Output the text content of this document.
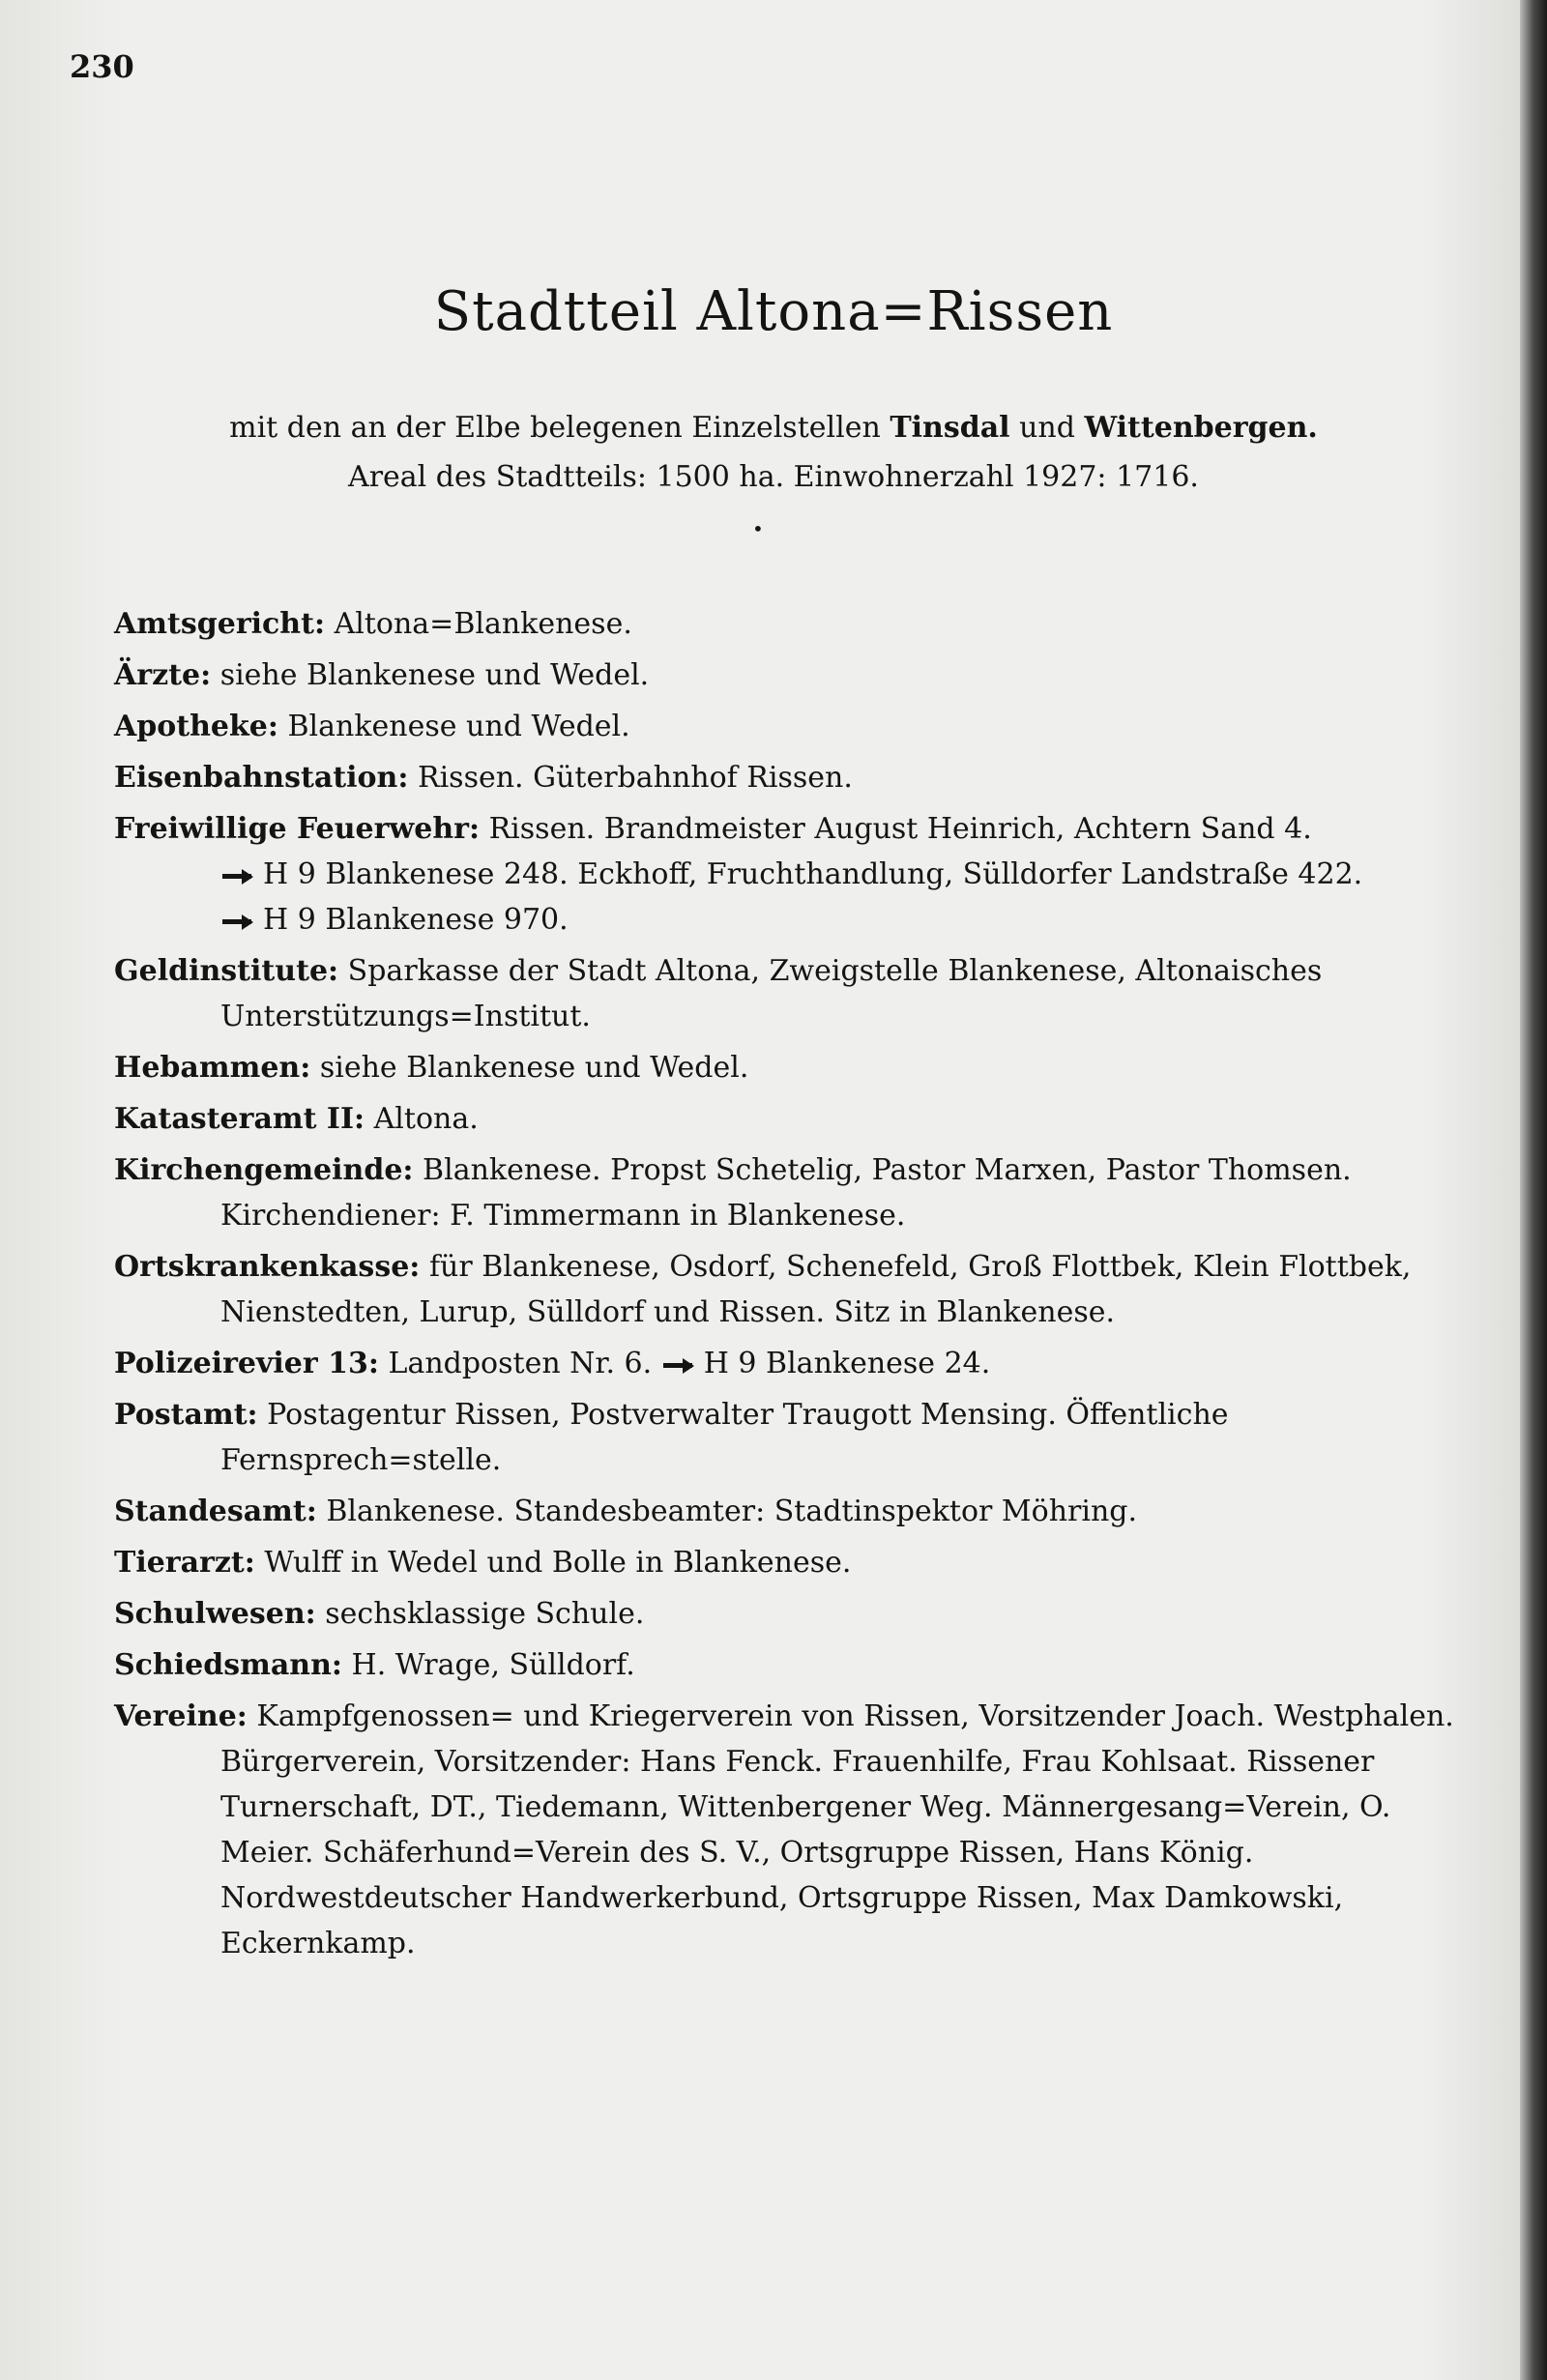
230
Stadtteil Altona=Rissen
mit den an der Elbe belegenen Einzelstellen Tinsdal und Wittenbergen.
Areal des Stadtteils: 1500 ha. Einwohnerzahl 1927: 1716.
•
Amtsgericht: Altona=Blankenese.
Ärzte: siehe Blankenese und Wedel.
Apotheke: Blankenese und Wedel.
Eisenbahnstation: Rissen. Güterbahnhof Rissen.
Freiwillige Feuerwehr: Rissen. Brandmeister August Heinrich, Achtern Sand 4.
H 9 Blankenese 248. Eckhoff, Fruchthandlung, Sülldorfer Landstraße 422.
H 9 Blankenese 970.
Geldinstitute: Sparkasse der Stadt Altona, Zweigstelle Blankenese, Altonaisches Unterstützungs=Institut.
Hebammen: siehe Blankenese und Wedel.
Katasteramt II: Altona.
Kirchengemeinde: Blankenese. Propst Schetelig, Pastor Marxen, Pastor Thomsen. Kirchendiener: F. Timmermann in Blankenese.
Ortskrankenkasse: für Blankenese, Osdorf, Schenefeld, Groß Flottbek, Klein Flottbek, Nienstedten, Lurup, Sülldorf und Rissen. Sitz in Blankenese.
Polizeirevier 13: Landposten Nr. 6. H 9 Blankenese 24.
Postamt: Postagentur Rissen, Postverwalter Traugott Mensing. Öffentliche Fernsprech=stelle.
Standesamt: Blankenese. Standesbeamter: Stadtinspektor Möhring.
Tierarzt: Wulff in Wedel und Bolle in Blankenese.
Schulwesen: sechsklassige Schule.
Schiedsmann: H. Wrage, Sülldorf.
Vereine: Kampfgenossen= und Kriegerverein von Rissen, Vorsitzender Joach. Westphalen. Bürgerverein, Vorsitzender: Hans Fenck. Frauenhilfe, Frau Kohlsaat. Rissener Turnerschaft, DT., Tiedemann, Wittenbergener Weg. Männergesang=Verein, O. Meier. Schäferhund=Verein des S. V., Ortsgruppe Rissen, Hans König. Nordwestdeutscher Handwerkerbund, Ortsgruppe Rissen, Max Damkowski, Eckernkamp.
